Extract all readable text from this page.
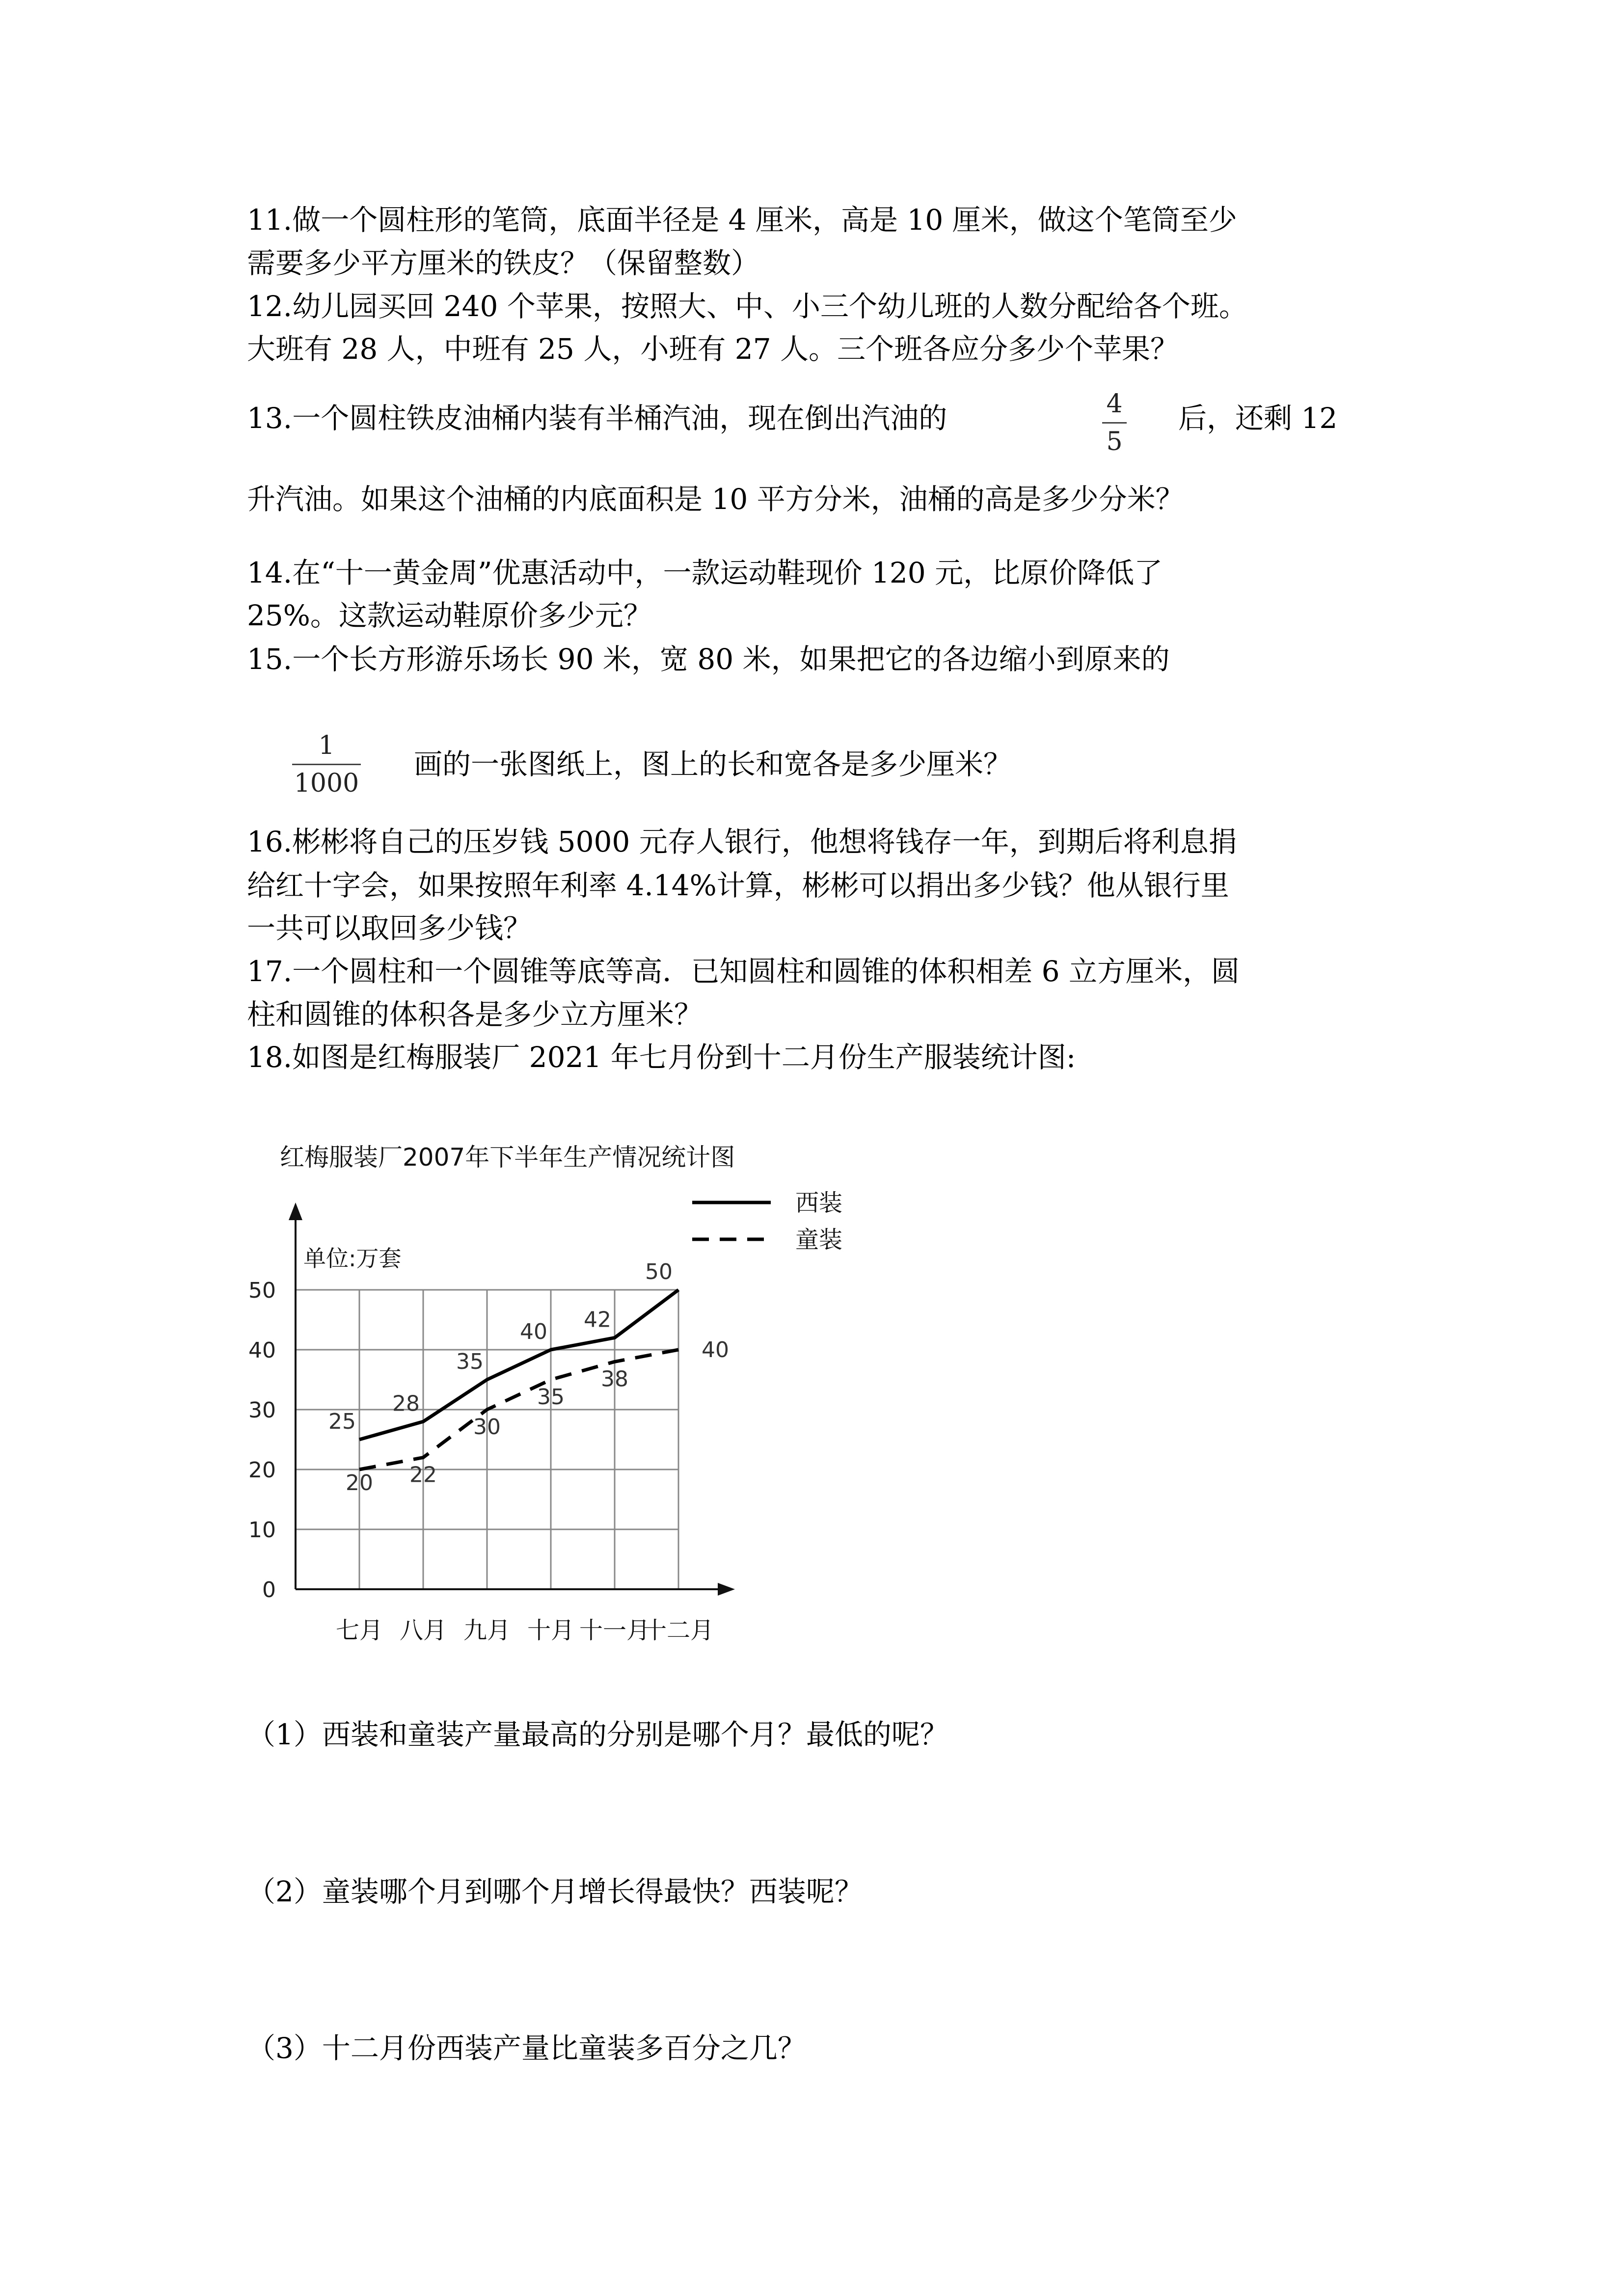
11.做一个圆柱形的笔筒，底面半径是 4 厘米，高是 10 厘米，做这个笔筒至少
需要多少平方厘米的铁皮？（保留整数）
12.幼儿园买回 240 个苹果，按照大、中、小三个幼儿班的人数分配给各个班。
大班有 28 人，中班有 25 人，小班有 27 人。三个班各应分多少个苹果？
13.一个圆柱铁皮油桶内装有半桶汽油，现在倒出汽油的	4
5
后，还剩 12
升汽油。如果这个油桶的内底面积是 10 平方分米，油桶的高是多少分米？
14.在“十一黄金周”优惠活动中，一款运动鞋现价 120 元，比原价降低了
25%。这款运动鞋原价多少元？
15.一个长方形游乐场长 90 米，宽 80 米，如果把它的各边缩小到原来的
1
1000
画的一张图纸上，图上的长和宽各是多少厘米？
16.彬彬将自己的压岁钱 5000 元存人银行，他想将钱存一年，到期后将利息捐
给红十字会，如果按照年利率 4.14%计算，彬彬可以捐出多少钱？他从银行里
一共可以取回多少钱？
17.一个圆柱和一个圆锥等底等高．已知圆柱和圆锥的体积相差 6 立方厘米，圆
柱和圆锥的体积各是多少立方厘米？
18.如图是红梅服装厂 2021 年七月份到十二月份生产服装统计图:
红梅服装厂2007年下半年生产情况统计图
单位:万套
0
10
20
30
40
50
七月 八月 九月 十月 十一月
十二月
25
28
35
40 42
50
20 22
30
35
38
40
西装
童装
（1）西装和童装产量最高的分别是哪个月？最低的呢？
（2）童装哪个月到哪个月增长得最快？西装呢？
（3）十二月份西装产量比童装多百分之几？
